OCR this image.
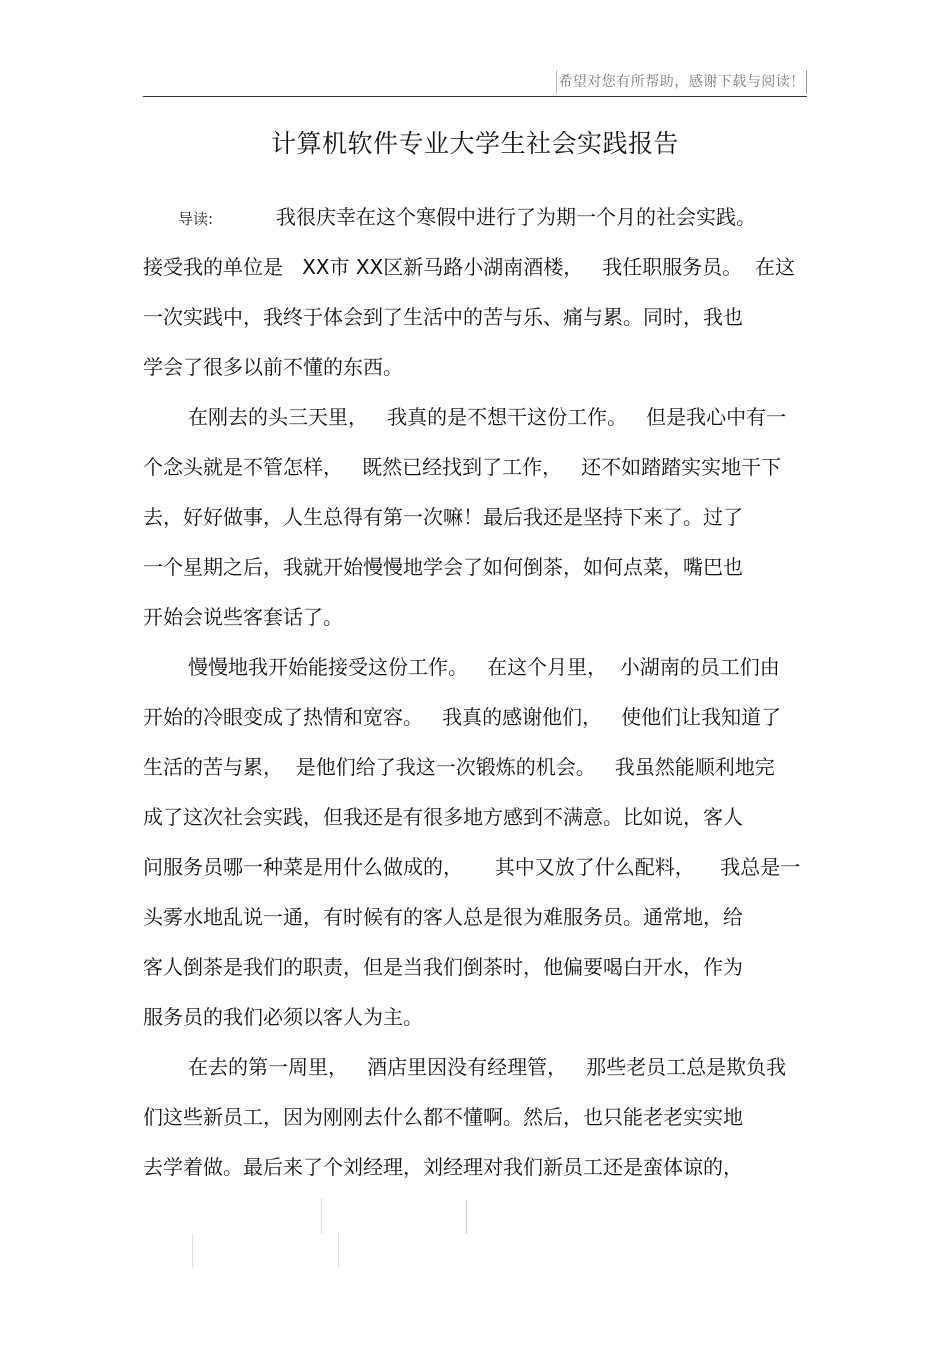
希望对您有所帮助，感谢下载与阅读！
计算机软件专业大学生社会实践报告
导读:	我很庆幸在这个寒假中进行了为期一个月的社会实践。
接受我的单位是   XX市 XX区新马路小湖南酒楼，   我任职服务员。  在这
一次实践中，我终于体会到了生活中的苦与乐、痛与累。同时，我也
学会了很多以前不懂的东西。
在刚去的头三天里，   我真的是不想干这份工作。   但是我心中有一
个念头就是不管怎样，   既然已经找到了工作，   还不如踏踏实实地干下
去，好好做事，人生总得有第一次嘛！最后我还是坚持下来了。过了
一个星期之后，我就开始慢慢地学会了如何倒茶，如何点菜，嘴巴也
开始会说些客套话了。
慢慢地我开始能接受这份工作。   在这个月里，  小湖南的员工们由
开始的冷眼变成了热情和宽容。   我真的感谢他们，   使他们让我知道了
生活的苦与累，  是他们给了我这一次锻炼的机会。   我虽然能顺利地完
成了这次社会实践，但我还是有很多地方感到不满意。比如说，客人
问服务员哪一种菜是用什么做成的，     其中又放了什么配料，    我总是一
头雾水地乱说一通，有时候有的客人总是很为难服务员。通常地，给
客人倒茶是我们的职责，但是当我们倒茶时，他偏要喝白开水，作为
服务员的我们必须以客人为主。
在去的第一周里，   酒店里因没有经理管，   那些老员工总是欺负我
们这些新员工，因为刚刚去什么都不懂啊。然后，也只能老老实实地
去学着做。最后来了个刘经理，刘经理对我们新员工还是蛮体谅的，
